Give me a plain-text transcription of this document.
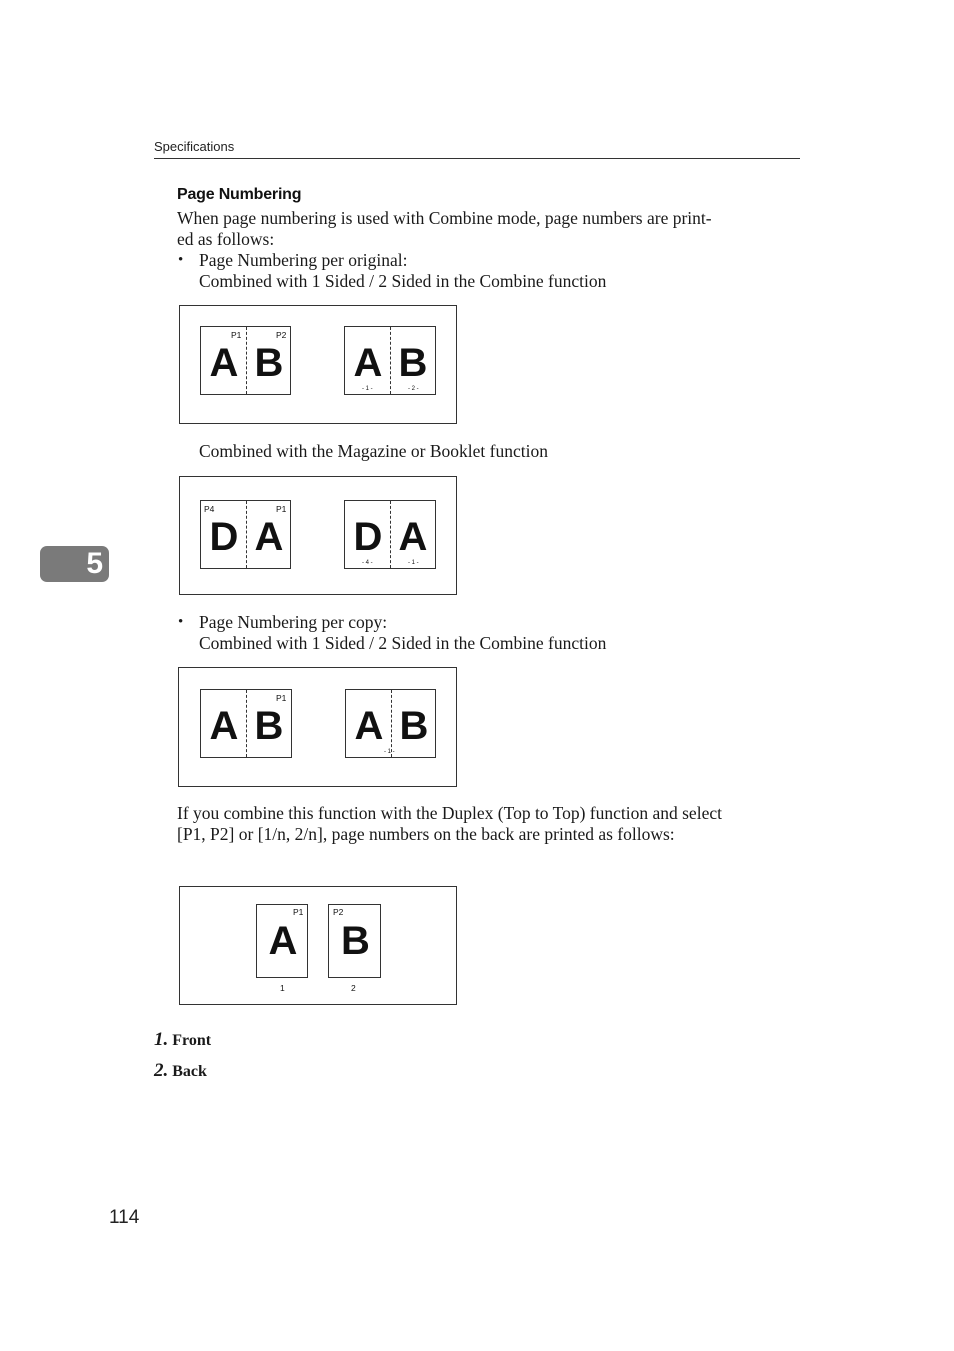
Specifications
Page Numbering
When page numbering is used with Combine mode, page numbers are print-
ed as follows:
• Page Numbering per original:
Combined with 1 Sided / 2 Sided in the Combine function
P1	P2
A B A B
- 1 -	- 2 -
Combined with the Magazine or Booklet function
P4	P1
D A D A
- 4 -	- 1 -
• Page Numbering per copy:
Combined with 1 Sided / 2 Sided in the Combine function
P1
A B A B
- 1 -
If you combine this function with the Duplex (Top to Top) function and select
[P1, P2] or [1/n, 2/n], page numbers on the back are printed as follows:
P1
A
P2
B
1	2
1. Front
2. Back
5
114
